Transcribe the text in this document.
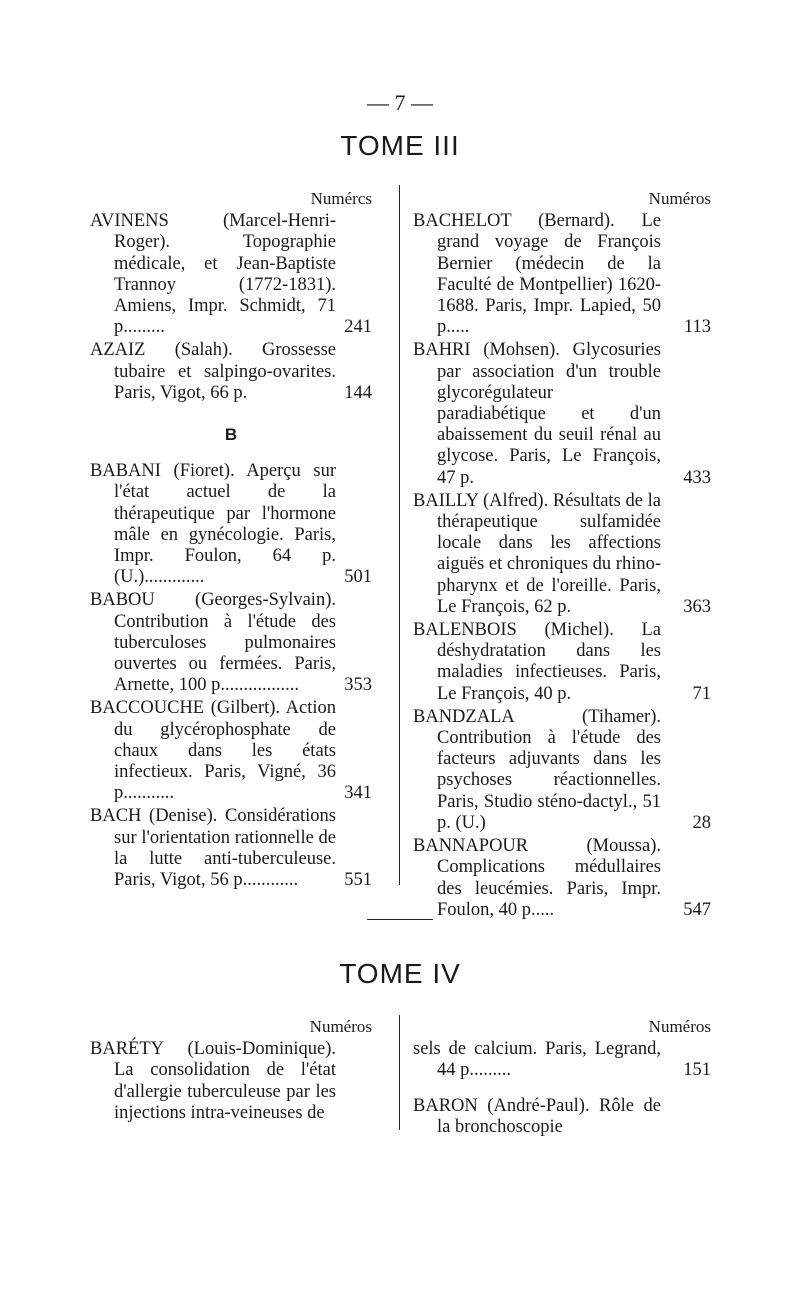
— 7 —
TOME III
Numércs
AVINENS (Marcel-Henri-Roger). Topographie médicale, et Jean-Baptiste Trannoy (1772-1831). Amiens, Impr. Schmidt, 71 p.........	241
AZAIZ (Salah). Grossesse tubaire et salpingo-ovarites. Paris, Vigot, 66 p.	144
B
BABANI (Fioret). Aperçu sur l'état actuel de la thérapeutique par l'hormone mâle en gynécologie. Paris, Impr. Foulon, 64 p. (U.).............	501
BABOU (Georges-Sylvain). Contribution à l'étude des tuberculoses pulmonaires ouvertes ou fermées. Paris, Arnette, 100 p.................	353
BACCOUCHE (Gilbert). Action du glycérophosphate de chaux dans les états infectieux. Paris, Vigné, 36 p...........	341
BACH (Denise). Considérations sur l'orientation rationnelle de la lutte anti-tuberculeuse. Paris, Vigot, 56 p............	551
Numéros
BACHELOT (Bernard). Le grand voyage de François Bernier (médecin de la Faculté de Montpellier) 1620-1688. Paris, Impr. Lapied, 50 p.....	113
BAHRI (Mohsen). Glycosuries par association d'un trouble glycorégulateur paradiabétique et d'un abaissement du seuil rénal au glycose. Paris, Le François, 47 p.	433
BAILLY (Alfred). Résultats de la thérapeutique sulfamidée locale dans les affections aiguës et chroniques du rhino-pharynx et de l'oreille. Paris, Le François, 62 p.	363
BALENBOIS (Michel). La déshydratation dans les maladies infectieuses. Paris, Le François, 40 p.	71
BANDZALA (Tihamer). Contribution à l'étude des facteurs adjuvants dans les psychoses réactionnelles. Paris, Studio sténo-dactyl., 51 p. (U.)	28
BANNAPOUR (Moussa). Complications médullaires des leucémies. Paris, Impr. Foulon, 40 p.....	547
TOME IV
Numéros
BARÉTY (Louis-Dominique). La consolidation de l'état d'allergie tuberculeuse par les injections intra-veineuses de
Numéros
sels de calcium. Paris, Legrand, 44 p.........	151
BARON (André-Paul). Rôle de la bronchoscopie
